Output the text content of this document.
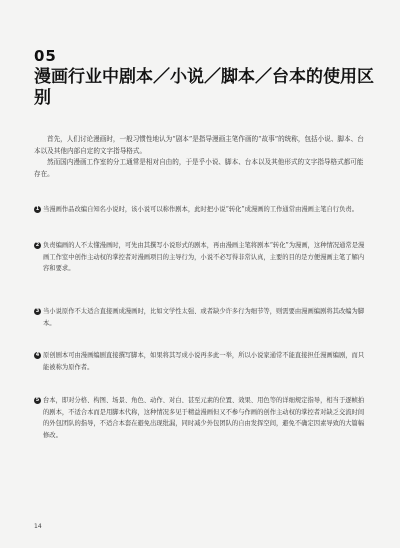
05
漫画行业中剧本／小说／脚本／台本的使用区别

首先，人们讨论漫画时，一般习惯性地认为“剧本”是指导漫画主笔作画的“故事”的统称，包括小说、脚本、台本以及其他内部自定的文字指导格式。

然而国内漫画工作室的分工通常是相对自由的，于是乎小说、脚本、台本以及其他形式的文字指导格式都可能存在。

1 当漫画作品改编自知名小说时，该小说可以称作剧本，此时把小说“转化”成漫画的工作通常由漫画主笔自行负责。
2 负责编画的人不太懂漫画时，可先由其撰写小说形式的剧本，再由漫画主笔将剧本“转化”为漫画，这种情况通常是漫画工作室中创作主动权的掌控者对漫画项目的主导行为，小说不必写得非常认真，主要的目的是方便漫画主笔了解内容和要求。
3 当小说原作不太适合直接画成漫画时，比如文学性太强、或者缺少许多行为细节等，则需要由漫画编剧将其改编为脚本。
4 原创剧本可由漫画编剧直接撰写脚本，如果将其写成小说再多此一举，所以小说家通常不能直接担任漫画编剧，而只能被称为原作者。
5 台本，即对分格、构图、场景、角色、动作、对白、甚至元素的位置、效果、用色等的详细规定指导，相当于逐帧拍的剧本，不适合本而是用脚本代称，这种情况多见于精益漫画但又不参与作画的创作主动权的掌控者对缺乏交流时间的外包团队的指导，不适合本套在避免出现纰漏，同时减少外包团队的自由发挥空间，避免不确定因素导致的大篇幅修改。
14
